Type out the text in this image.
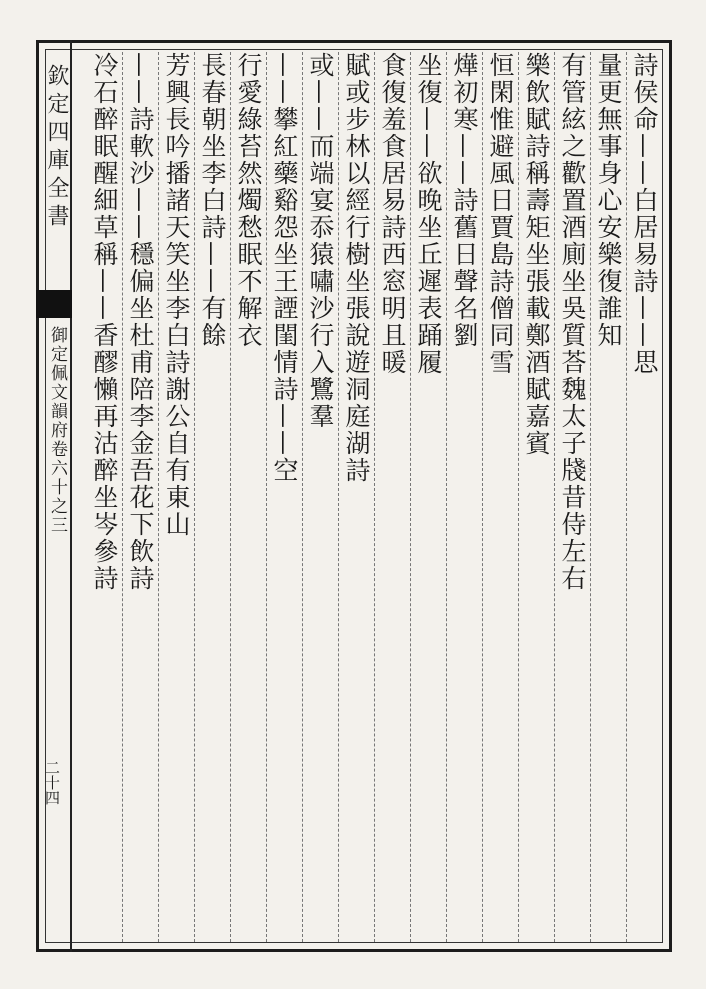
欽定四庫全書
御定佩文韻府卷六十之三
二十四
詩侯命——白居易詩——思
量更無事身心安樂復誰知
有管絃之歡置酒廁坐吳質荅魏太子牋昔侍左右
樂飲賦詩稱壽矩坐張載鄭酒賦嘉賓
恒閑惟避風日賈島詩僧同雪
燁初寒——詩舊日聲名劉
坐復——欲晚坐丘遲表踊履
食復羞食居易詩西窓明且暖
賦或步林以經行樹坐張說遊洞庭湖詩
或——而端宴忝猿嘯沙行入鷺羣
——攀紅藥谿怨坐王諲閨情詩——空
行愛綠苔然燭愁眠不解衣
長春朝坐李白詩——有餘
芳興長吟播諸天笑坐李白詩謝公自有東山
——詩軟沙——穩偏坐杜甫陪李金吾花下飲詩
冷石醉眠醒細草稱——香醪懶再沽醉坐岑參詩
